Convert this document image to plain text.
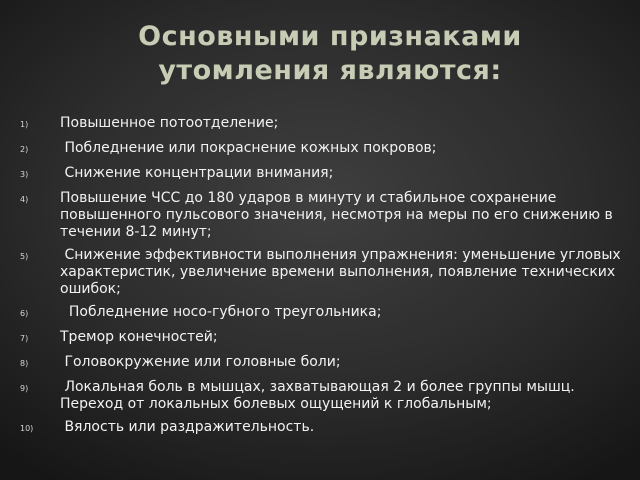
Основными признаками утомления являются:
1)	Повышенное потоотделение;
2)	Побледнение или покраснение кожных покровов;
3)	Снижение концентрации внимания;
4)	Повышение ЧСС до 180 ударов в минуту и стабильное сохранение повышенного пульсового значения, несмотря на меры по его снижению в течении 8-12 минут;
5)	Снижение эффективности выполнения упражнения: уменьшение угловых характеристик, увеличение времени выполнения, появление технических ошибок;
6)	Побледнение носо-губного треугольника;
7)	Тремор конечностей;
8)	Головокружение или головные боли;
9)	Локальная боль в мышцах, захватывающая 2 и более группы мышц. Переход от локальных болевых ощущений к глобальным;
10)	Вялость или раздражительность.
